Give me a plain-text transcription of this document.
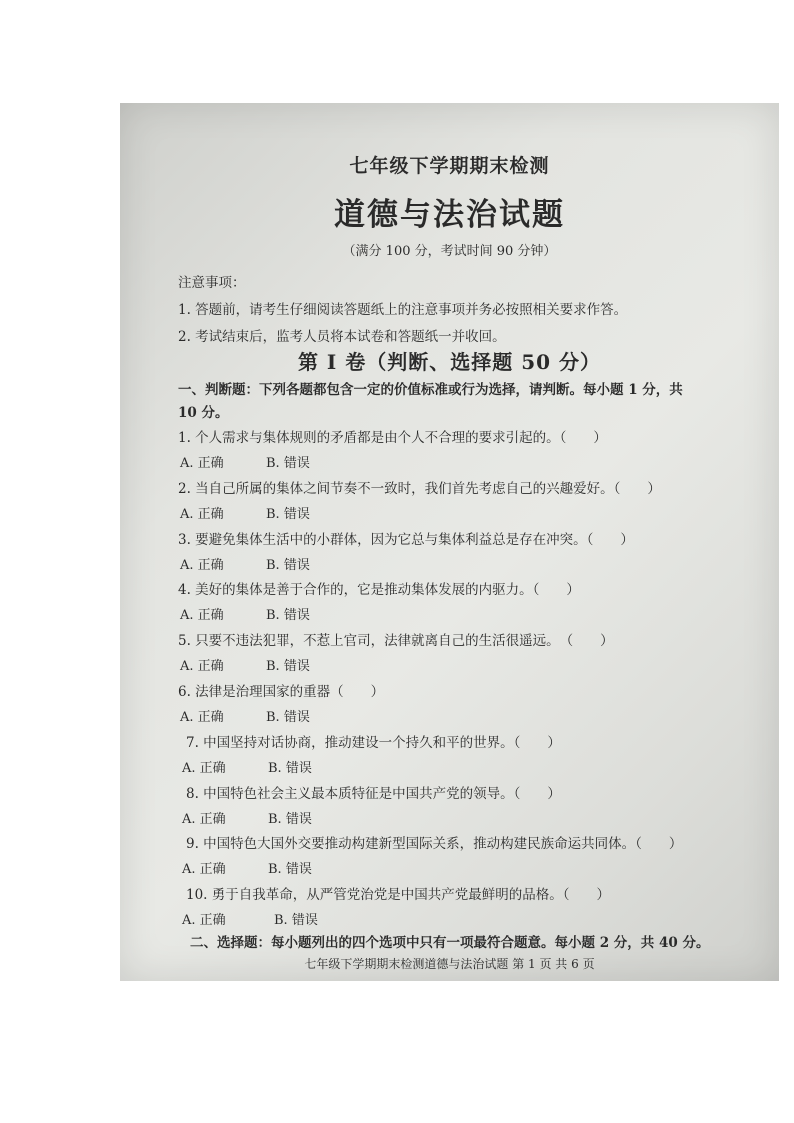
七年级下学期期末检测
道德与法治试题
（满分 100 分，考试时间 90 分钟）
注意事项：
1. 答题前，请考生仔细阅读答题纸上的注意事项并务必按照相关要求作答。
2. 考试结束后，监考人员将本试卷和答题纸一并收回。
第 I 卷（判断、选择题 50 分）
一、判断题：下列各题都包含一定的价值标准或行为选择，请判断。每小题 1 分，共
10 分。
1. 个人需求与集体规则的矛盾都是由个人不合理的要求引起的。（　　）
A. 正确	B. 错误
2. 当自己所属的集体之间节奏不一致时，我们首先考虑自己的兴趣爱好。（　　）
A. 正确	B. 错误
3. 要避免集体生活中的小群体，因为它总与集体利益总是存在冲突。（　　）
A. 正确	B. 错误
4. 美好的集体是善于合作的，它是推动集体发展的内驱力。（　　）
A. 正确	B. 错误
5. 只要不违法犯罪，不惹上官司，法律就离自己的生活很遥远。　（　　）
A. 正确	B. 错误
6. 法律是治理国家的重器（　　）
A. 正确	B. 错误
7. 中国坚持对话协商，推动建设一个持久和平的世界。（　　）
A. 正确	B. 错误
8. 中国特色社会主义最本质特征是中国共产党的领导。（　　）
A. 正确	B. 错误
9. 中国特色大国外交要推动构建新型国际关系，推动构建民族命运共同体。（　　）
A. 正确	B. 错误
10. 勇于自我革命，从严管党治党是中国共产党最鲜明的品格。（　　）
A. 正确	B. 错误
二、选择题：每小题列出的四个选项中只有一项最符合题意。每小题 2 分，共 40 分。
七年级下学期期末检测道德与法治试题 第 1 页 共 6 页
